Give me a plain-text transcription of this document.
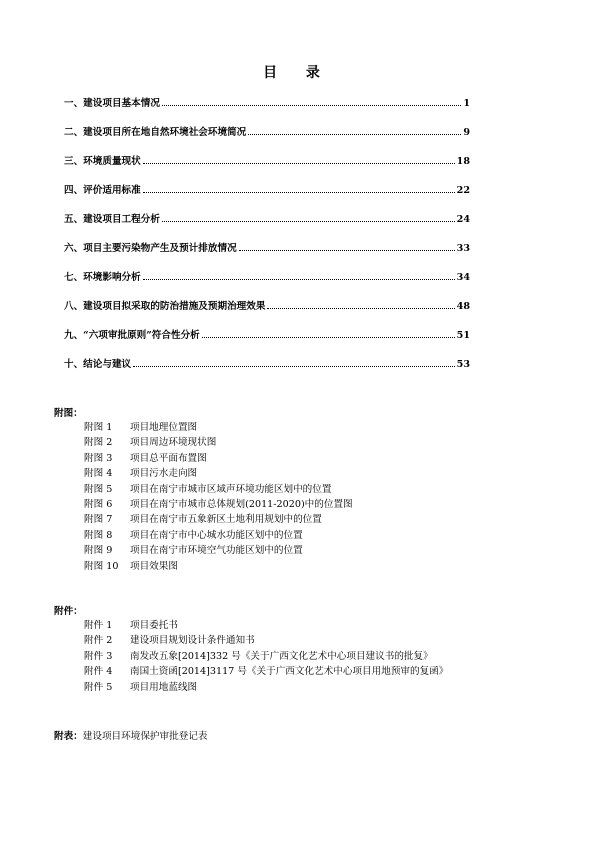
目 录
一、建设项目基本情况	1
二、建设项目所在地自然环境社会环境简况	9
三、环境质量现状	18
四、评价适用标准	22
五、建设项目工程分析	24
六、项目主要污染物产生及预计排放情况	33
七、环境影响分析	34
八、建设项目拟采取的防治措施及预期治理效果	48
九、“六项审批原则”符合性分析	51
十、结论与建议	53
附图：
附图 1 项目地理位置图
附图 2 项目周边环境现状图
附图 3 项目总平面布置图
附图 4 项目污水走向图
附图 5 项目在南宁市城市区域声环境功能区划中的位置
附图 6 项目在南宁市城市总体规划(2011-2020)中的位置图
附图 7 项目在南宁市五象新区土地利用规划中的位置
附图 8 项目在南宁市中心城水功能区划中的位置
附图 9 项目在南宁市环境空气功能区划中的位置
附图 10 项目效果图
附件：
附件 1 项目委托书
附件 2 建设项目规划设计条件通知书
附件 3 南发改五象[2014]332 号《关于广西文化艺术中心项目建议书的批复》
附件 4 南国土资函[2014]3117 号《关于广西文化艺术中心项目用地预审的复函》
附件 5 项目用地蓝线图
附表：建设项目环境保护审批登记表
